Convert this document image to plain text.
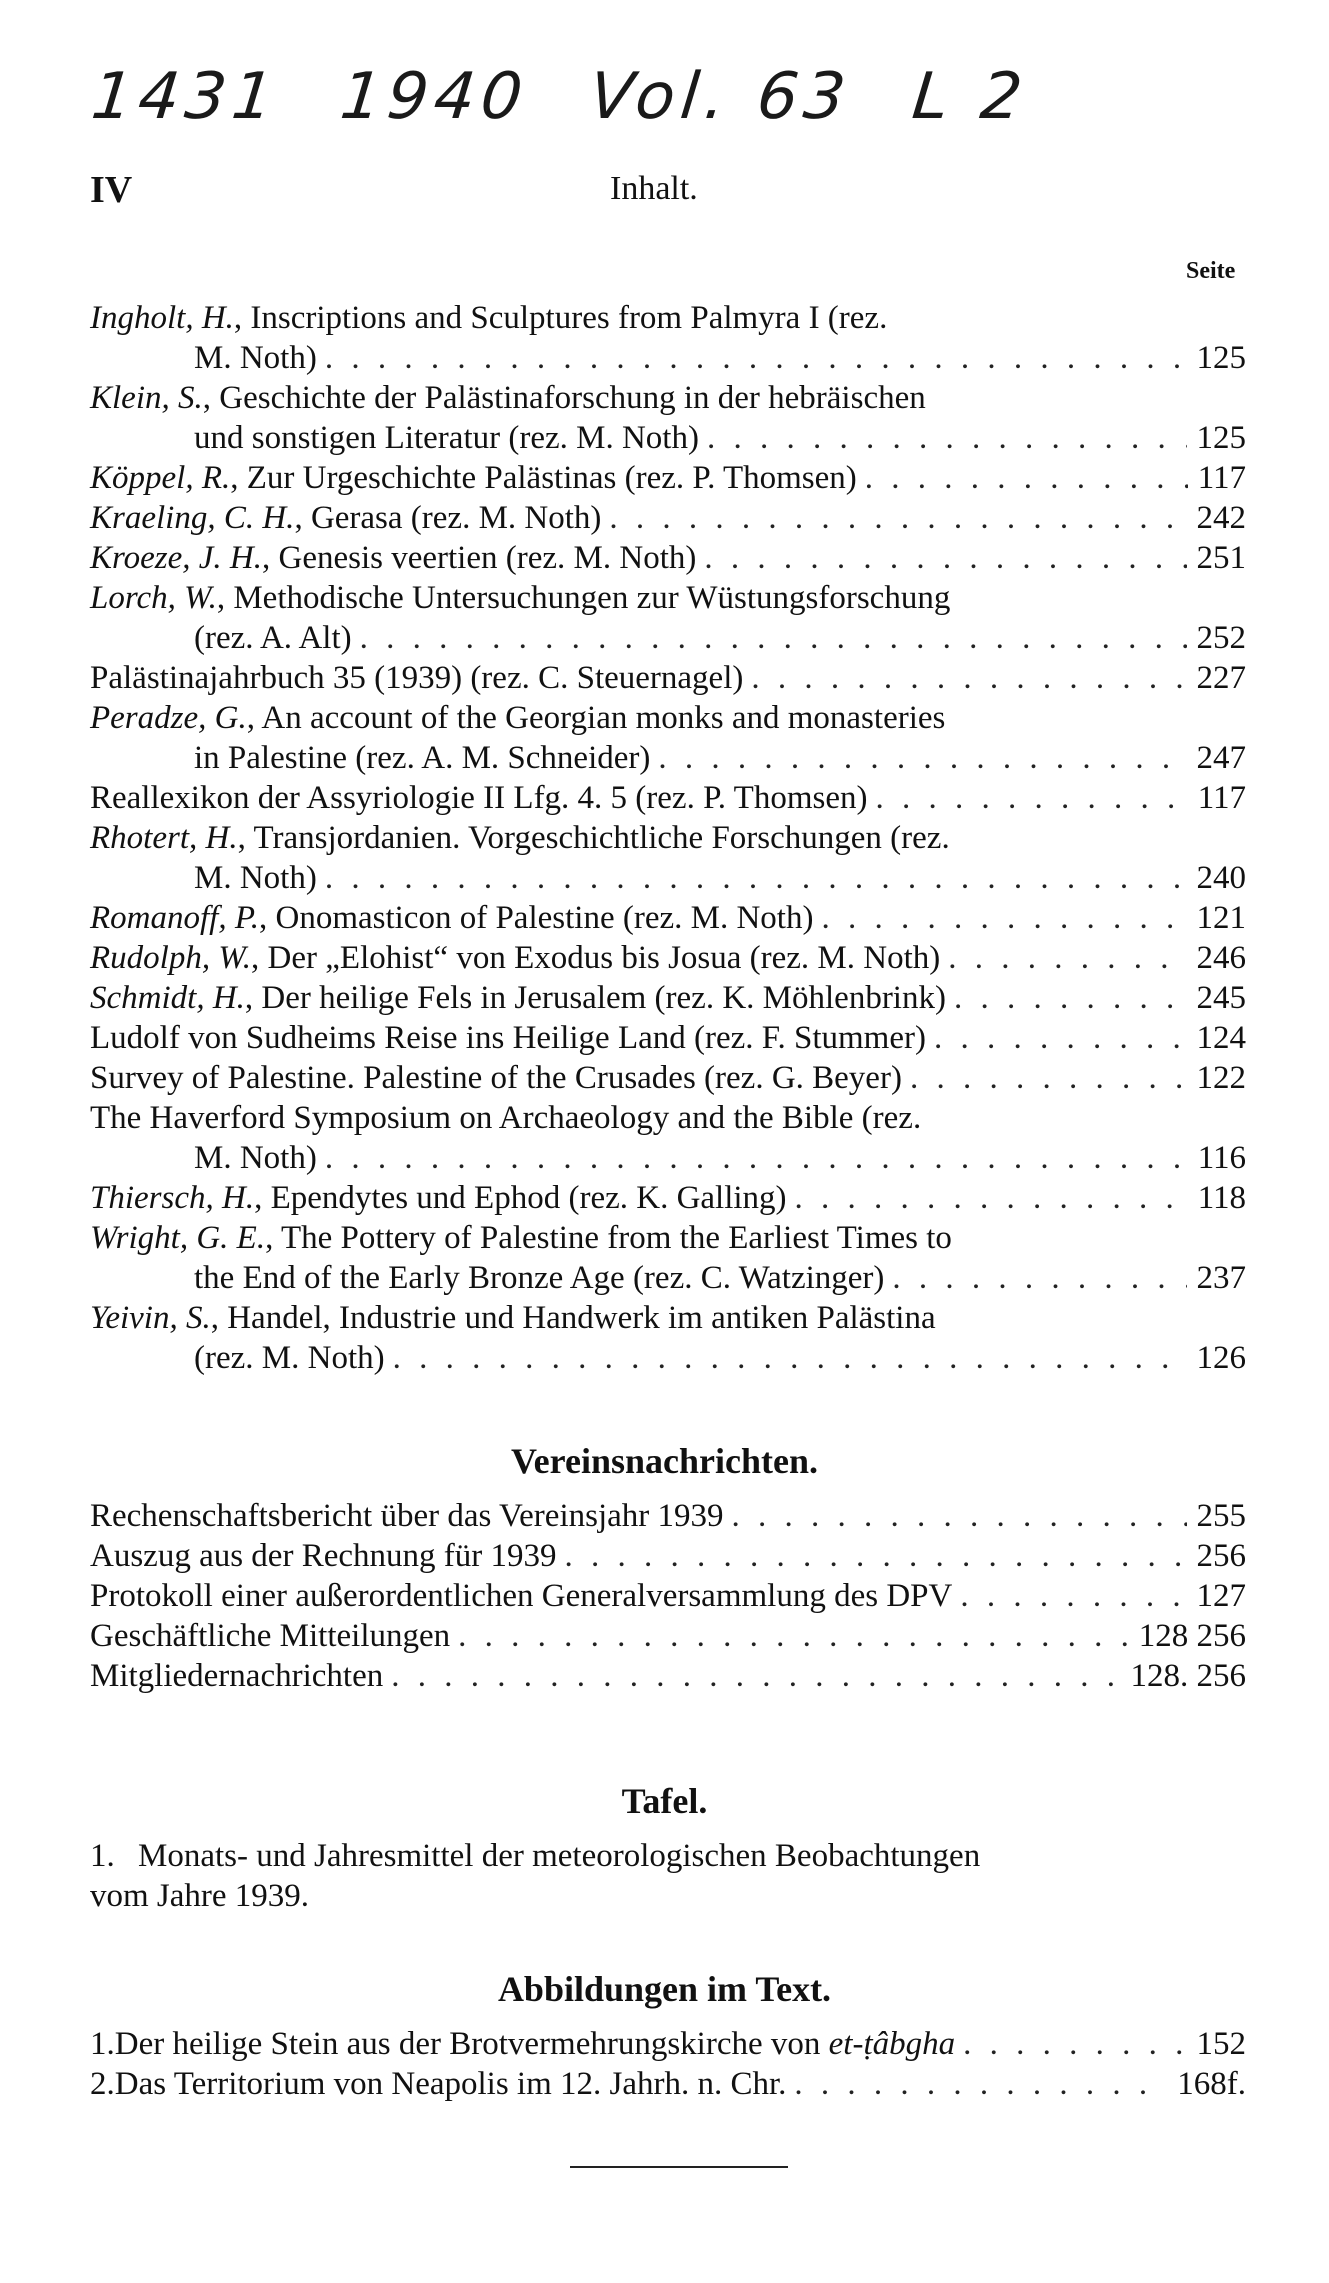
1431 1940 Vol. 63 L 2
IV	Inhalt.
Seite
Ingholt, H., Inscriptions and Sculptures from Palmyra I (rez.
M. Noth) . . .	125
Klein, S., Geschichte der Palästinaforschung in der hebräischen
und sonstigen Literatur (rez. M. Noth) . . .	125
Köppel, R., Zur Urgeschichte Palästinas (rez. P. Thomsen) . . .	117
Kraeling, C. H., Gerasa (rez. M. Noth) . . .	242
Kroeze, J. H., Genesis veertien (rez. M. Noth) . . .	251
Lorch, W., Methodische Untersuchungen zur Wüstungsforschung
(rez. A. Alt) . . .	252
Palästinajahrbuch 35 (1939) (rez. C. Steuernagel) . . .	227
Peradze, G., An account of the Georgian monks and monasteries
in Palestine (rez. A. M. Schneider) . . .	247
Reallexikon der Assyriologie II Lfg. 4. 5 (rez. P. Thomsen) . . .	117
Rhotert, H., Transjordanien. Vorgeschichtliche Forschungen (rez.
M. Noth) . . .	240
Romanoff, P., Onomasticon of Palestine (rez. M. Noth) . . .	121
Rudolph, W., Der „Elohist“ von Exodus bis Josua (rez. M. Noth) . . .	246
Schmidt, H., Der heilige Fels in Jerusalem (rez. K. Möhlenbrink) . . .	245
Ludolf von Sudheims Reise ins Heilige Land (rez. F. Stummer) . . .	124
Survey of Palestine. Palestine of the Crusades (rez. G. Beyer) . . .	122
The Haverford Symposium on Archaeology and the Bible (rez.
M. Noth) . . .	116
Thiersch, H., Ependytes und Ephod (rez. K. Galling) . . .	118
Wright, G. E., The Pottery of Palestine from the Earliest Times to
the End of the Early Bronze Age (rez. C. Watzinger) . . .	237
Yeivin, S., Handel, Industrie und Handwerk im antiken Palästina
(rez. M. Noth) . . .	126
Vereinsnachrichten.
Rechenschaftsbericht über das Vereinsjahr 1939 . . .	255
Auszug aus der Rechnung für 1939 . . .	256
Protokoll einer außerordentlichen Generalversammlung des DPV . . .	127
Geschäftliche Mitteilungen . . .	128 256
Mitgliedernachrichten . . .	128. 256
Tafel.
1. Monats- und Jahresmittel der meteorologischen Beobachtungen
vom Jahre 1939.
Abbildungen im Text.
1. Der heilige Stein aus der Brotvermehrungskirche von et-ṭâbgha . . .	152
2. Das Territorium von Neapolis im 12. Jahrh. n. Chr. . . .	168f.
